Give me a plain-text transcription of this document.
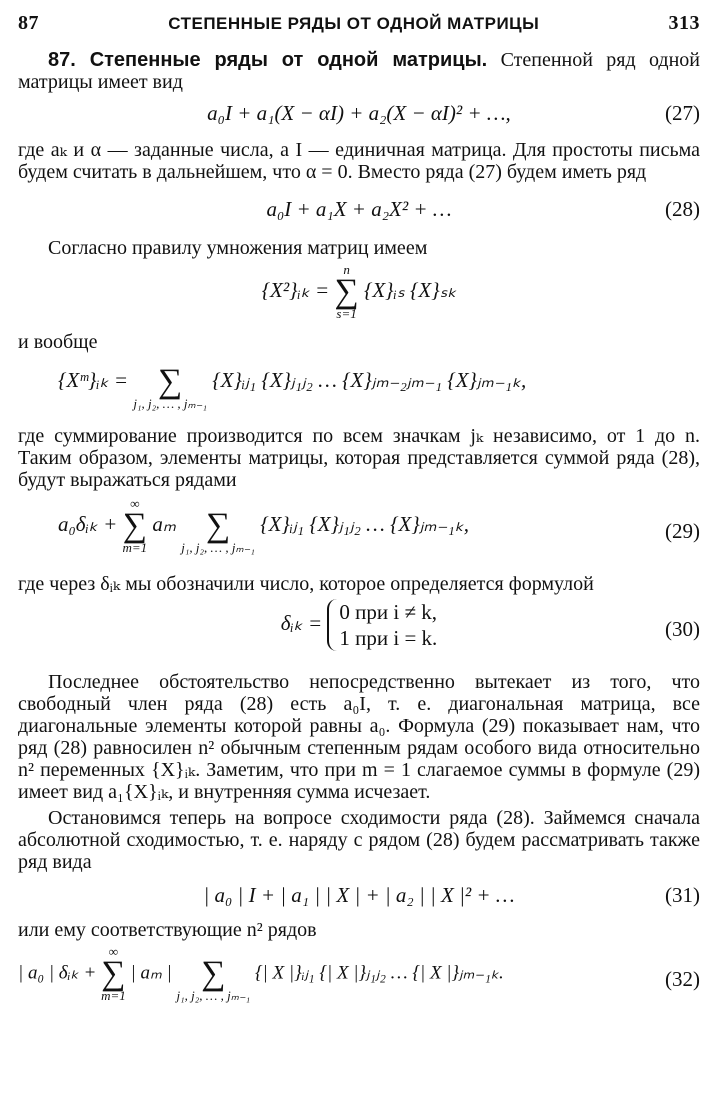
87	СТЕПЕННЫЕ РЯДЫ ОТ ОДНОЙ МАТРИЦЫ	313

87. Степенные ряды от одной матрицы. Степенной ряд одной матрицы имеет вид

a₀I + a₁(X − αI) + a₂(X − αI)² + …,	(27)

где aₖ и α — заданные числа, а I — единичная матрица. Для простоты письма будем считать в дальнейшем, что α = 0. Вместо ряда (27) будем иметь ряд

a₀I + a₁X + a₂X² + …	(28)

Согласно правилу умножения матриц имеем

{X²}ᵢₖ =
n
∑
s=1
{X}ᵢₛ {X}ₛₖ

и вообще

{Xᵐ}ᵢₖ =
∑
j₁, j₂, … , jₘ₋₁
{X}ᵢⱼ₁ {X}ⱼ₁ⱼ₂ … {X}ⱼₘ₋₂ⱼₘ₋₁ {X}ⱼₘ₋₁ₖ,

где суммирование производится по всем значкам jₖ независимо, от 1 до n. Таким образом, элементы матрицы, которая представляется суммой ряда (28), будут выражаться рядами

a₀δᵢₖ +
∞
∑
m=1
aₘ
∑
j₁, j₂, … , jₘ₋₁
{X}ᵢⱼ₁ {X}ⱼ₁ⱼ₂ … {X}ⱼₘ₋₁ₖ,	(29)

где через δᵢₖ мы обозначили число, которое определяется формулой

δᵢₖ = 0 при i ≠ k,
1 при i = k.	(30)

Последнее обстоятельство непосредственно вытекает из того, что свободный член ряда (28) есть a₀I, т. е. диагональная матрица, все диагональные элементы которой равны a₀. Формула (29) показывает нам, что ряд (28) равносилен n² обычным степенным рядам особого вида относительно n² переменных {X}ᵢₖ. Заметим, что при m = 1 слагаемое суммы в формуле (29) имеет вид a₁{X}ᵢₖ, и внутренняя сумма исчезает.

Остановимся теперь на вопросе сходимости ряда (28). Займемся сначала абсолютной сходимостью, т. е. наряду с рядом (28) будем рассматривать также ряд вида

| a₀ | I + | a₁ | | X | + | a₂ | | X |² + …	(31)

или ему соответствующие n² рядов

| a₀ | δᵢₖ +
∞
∑
m=1
| aₘ |
∑
j₁, j₂, … , jₘ₋₁
{| X |}ᵢⱼ₁ {| X |}ⱼ₁ⱼ₂ … {| X |}ⱼₘ₋₁ₖ.	(32)
